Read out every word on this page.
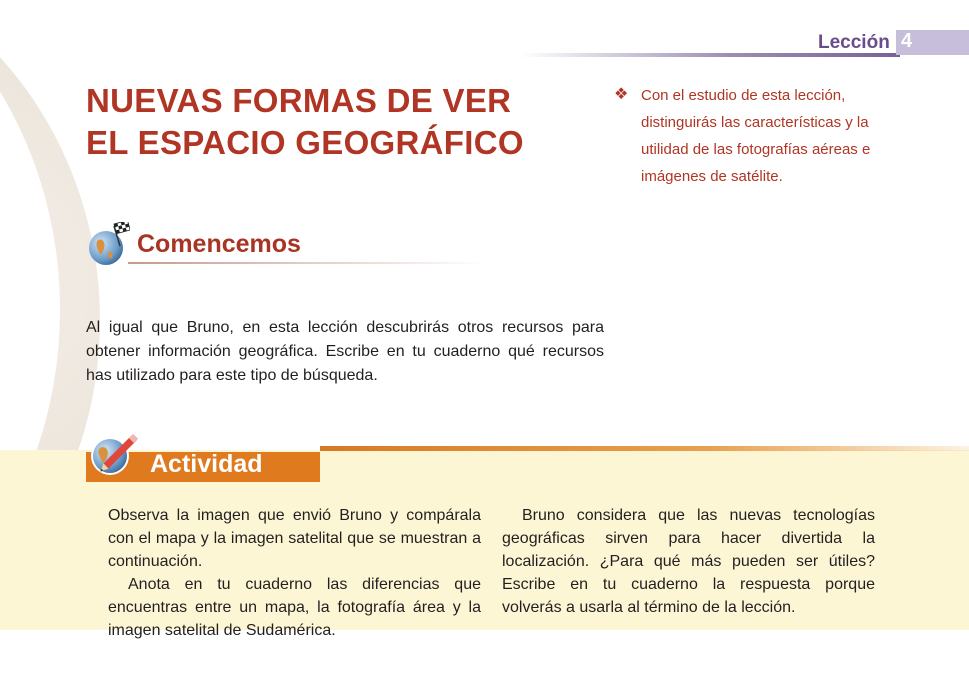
Lección 4
NUEVAS FORMAS DE VER
EL ESPACIO GEOGRÁFICO
❖ Con el estudio de esta lección, distinguirás las características y la utilidad de las fotografías aéreas e imágenes de satélite.
Comencemos
Al igual que Bruno, en esta lección descubrirás otros recursos para obtener información geográfica. Escribe en tu cuaderno qué recursos has utilizado para este tipo de búsqueda.
Actividad

Observa la imagen que envió Bruno y compárala con el mapa y la imagen satelital que se muestran a continuación.

Anota en tu cuaderno las diferencias que encuentras entre un mapa, la fotografía área y la imagen satelital de Sudamérica.

Bruno considera que las nuevas tecnologías geográficas sirven para hacer divertida la localización. ¿Para qué más pueden ser útiles? Escribe en tu cuaderno la respuesta porque volverás a usarla al término de la lección.
